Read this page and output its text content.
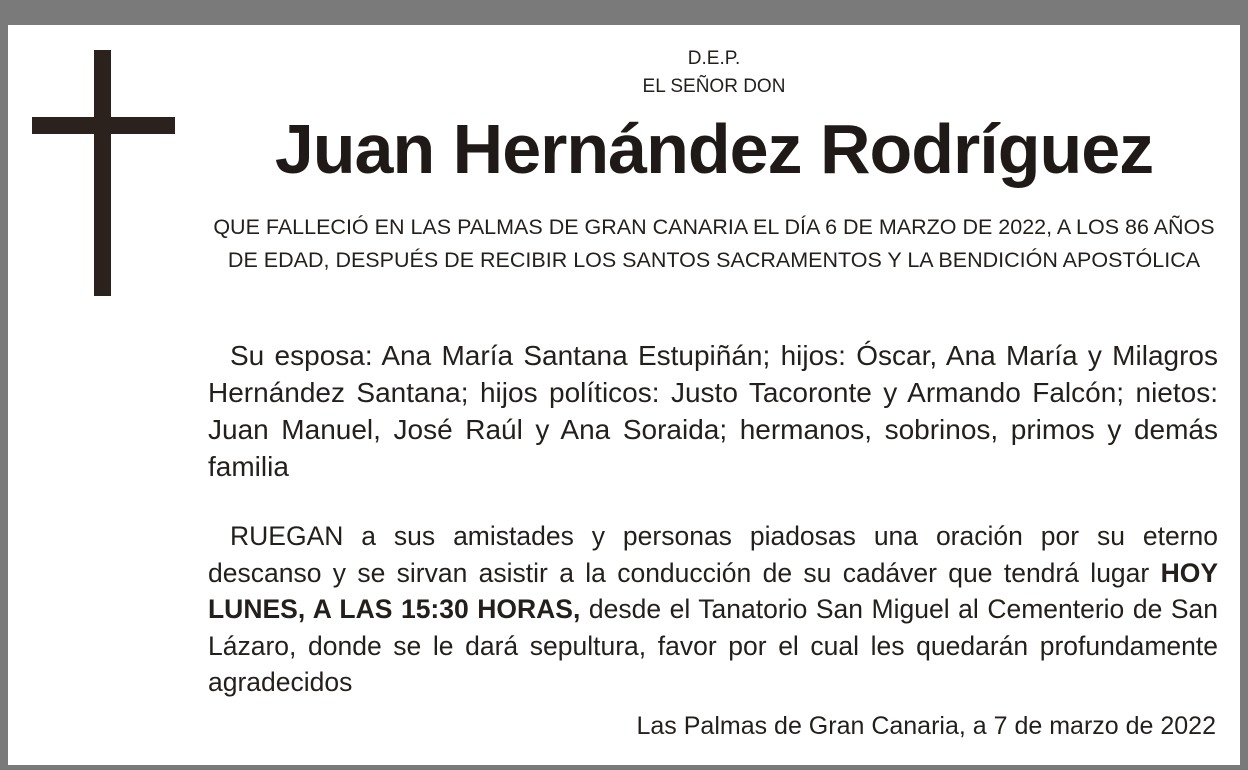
D.E.P.
EL SEÑOR DON
Juan Hernández Rodríguez
QUE FALLECIÓ EN LAS PALMAS DE GRAN CANARIA EL DÍA 6 DE MARZO DE 2022, A LOS 86 AÑOS DE EDAD, DESPUÉS DE RECIBIR LOS SANTOS SACRAMENTOS Y LA BENDICIÓN APOSTÓLICA
Su esposa: Ana María Santana Estupiñán; hijos: Óscar, Ana María y Milagros Hernández Santana; hijos políticos: Justo Tacoronte y Armando Falcón; nietos: Juan Manuel, José Raúl y Ana Soraida; hermanos, sobrinos, primos y demás familia
RUEGAN a sus amistades y personas piadosas una oración por su eterno descanso y se sirvan asistir a la conducción de su cadáver que tendrá lugar HOY LUNES, A LAS 15:30 HORAS, desde el Tanatorio San Miguel al Cementerio de San Lázaro, donde se le dará sepultura, favor por el cual les quedarán profundamente agradecidos
Las Palmas de Gran Canaria, a 7 de marzo de 2022
